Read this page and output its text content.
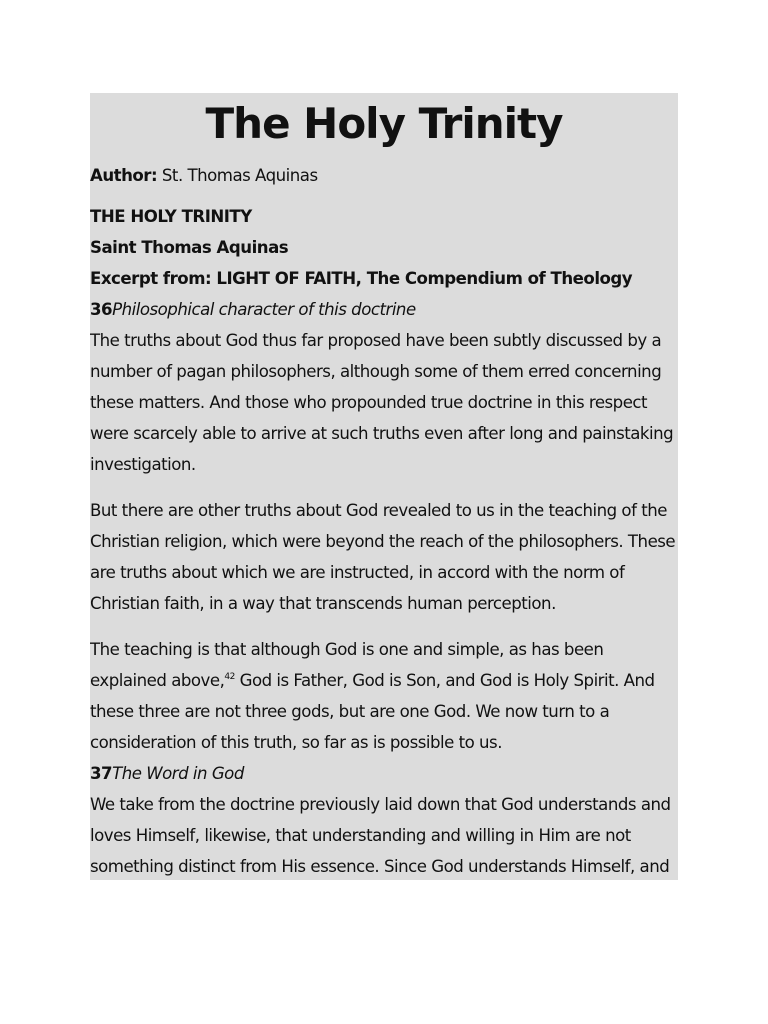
The Holy Trinity

Author: St. Thomas Aquinas

THE HOLY TRINITY

Saint Thomas Aquinas

Excerpt from: LIGHT OF FAITH, The Compendium of Theology

36Philosophical character of this doctrine

The truths about God thus far proposed have been subtly discussed by a number of pagan philosophers, although some of them erred concerning these matters. And those who propounded true doctrine in this respect were scarcely able to arrive at such truths even after long and painstaking investigation.

But there are other truths about God revealed to us in the teaching of the Christian religion, which were beyond the reach of the philosophers. These are truths about which we are instructed, in accord with the norm of Christian faith, in a way that transcends human perception.

The teaching is that although God is one and simple, as has been explained above,$^{42}$ God is Father, God is Son, and God is Holy Spirit. And these three are not three gods, but are one God. We now turn to a consideration of this truth, so far as is possible to us.

37The Word in God

We take from the doctrine previously laid down that God understands and loves Himself, likewise, that understanding and willing in Him are not something distinct from His essence. Since God understands Himself, and
